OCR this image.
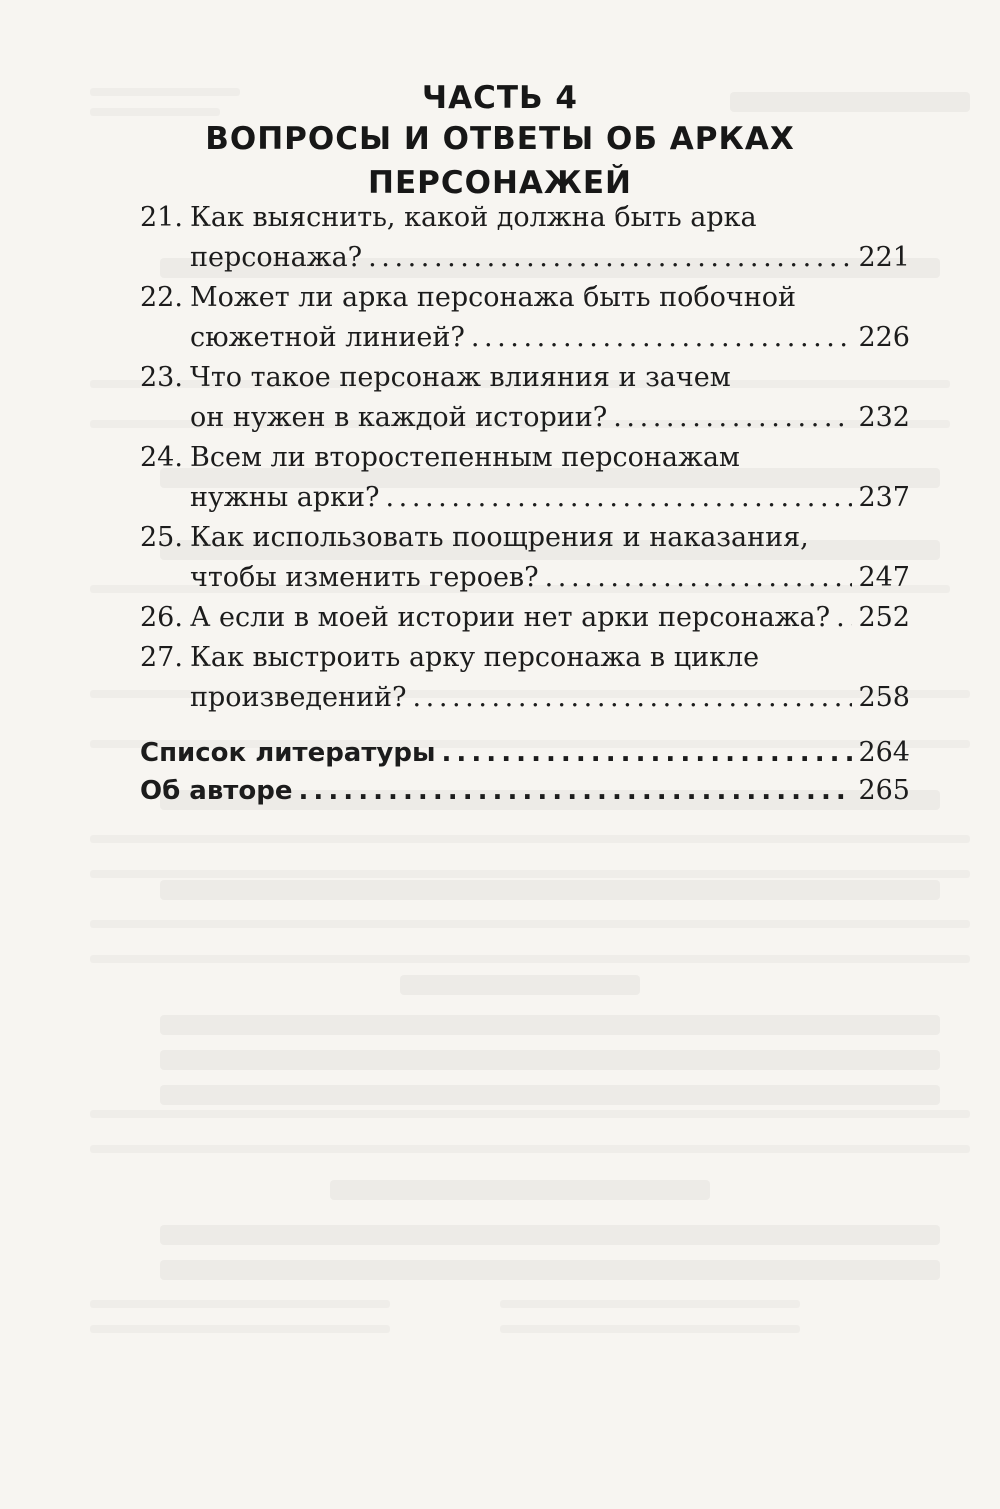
ЧАСТЬ 4
ВОПРОСЫ И ОТВЕТЫ ОБ АРКАХ
ПЕРСОНАЖЕЙ
21. Как выяснить, какой должна быть арка
персонажа? . . .	221
22. Может ли арка персонажа быть побочной
сюжетной линией? . . .	226
23. Что такое персонаж влияния и зачем
он нужен в каждой истории? . . .	232
24. Всем ли второстепенным персонажам
нужны арки? . . .	237
25. Как использовать поощрения и наказания,
чтобы изменить героев? . . .	247
26. А если в моей истории нет арки персонажа? . . . 252
27. Как выстроить арку персонажа в цикле
произведений? . . .	258
Список литературы . . .	264
Об авторе . . .	265
